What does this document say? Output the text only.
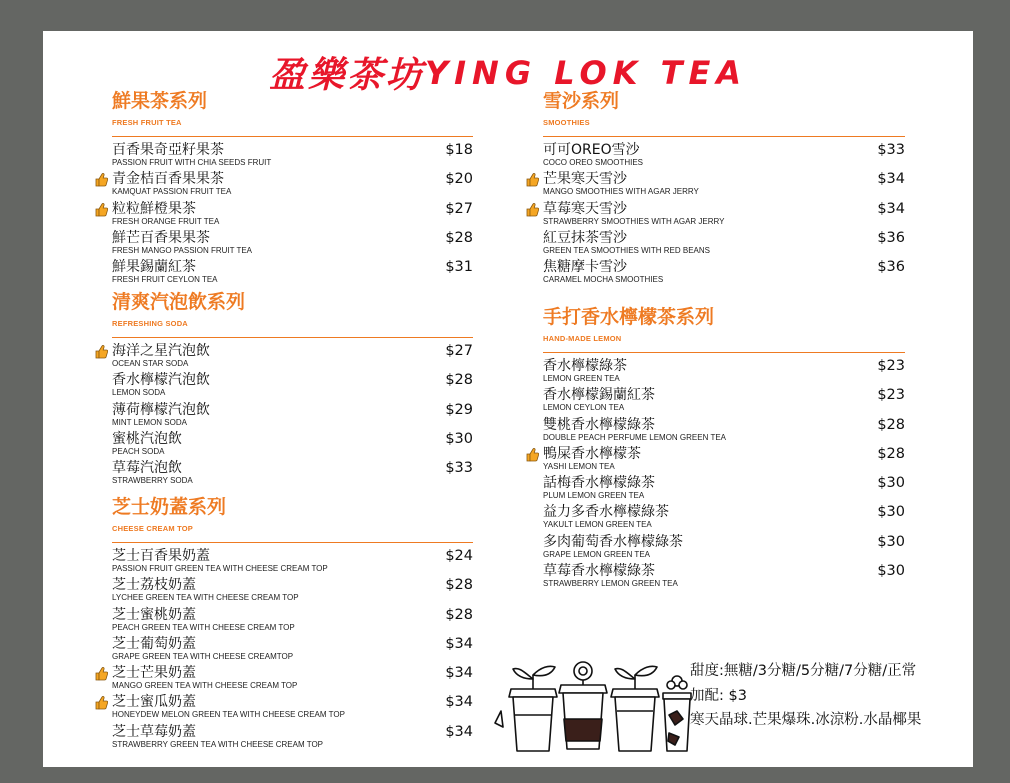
盈樂茶坊YING LOK TEA
鮮果茶系列
FRESH FRUIT TEA
百香果奇亞籽果茶
PASSION FRUIT WITH CHIA SEEDS FRUIT
$18
青金桔百香果果茶
KAMQUAT PASSION FRUIT TEA
$20
粒粒鮮橙果茶
FRESH ORANGE FRUIT TEA
$27
鮮芒百香果果茶
FRESH MANGO PASSION FRUIT TEA
$28
鮮果錫蘭紅茶
FRESH FRUIT CEYLON TEA
$31
清爽汽泡飲系列
REFRESHING SODA
海洋之星汽泡飲
OCEAN STAR SODA
$27
香水檸檬汽泡飲
LEMON SODA
$28
薄荷檸檬汽泡飲
MINT LEMON SODA
$29
蜜桃汽泡飲
PEACH SODA
$30
草莓汽泡飲
STRAWBERRY SODA
$33
芝士奶蓋系列
CHEESE CREAM TOP
芝士百香果奶蓋
PASSION FRUIT GREEN TEA WITH CHEESE CREAM TOP
$24
芝士荔枝奶蓋
LYCHEE GREEN TEA WITH CHEESE CREAM TOP
$28
芝士蜜桃奶蓋
PEACH GREEN TEA WITH CHEESE CREAM TOP
$28
芝士葡萄奶蓋
GRAPE GREEN TEA WITH CHEESE CREAMTOP
$34
芝士芒果奶蓋
MANGO GREEN TEA WITH CHEESE CREAM TOP
$34
芝士蜜瓜奶蓋
HONEYDEW MELON GREEN TEA WITH CHEESE CREAM TOP
$34
芝士草莓奶蓋
STRAWBERRY GREEN TEA WITH CHEESE CREAM TOP
$34
雪沙系列
SMOOTHIES
可可OREO雪沙
COCO OREO SMOOTHIES
$33
芒果寒天雪沙
MANGO SMOOTHIES WITH AGAR JERRY
$34
草莓寒天雪沙
STRAWBERRY SMOOTHIES WITH AGAR JERRY
$34
紅豆抹茶雪沙
GREEN TEA SMOOTHIES WITH RED BEANS
$36
焦糖摩卡雪沙
CARAMEL MOCHA SMOOTHIES
$36
手打香水檸檬茶系列
HAND-MADE LEMON
香水檸檬綠茶
LEMON GREEN TEA
$23
香水檸檬錫蘭紅茶
LEMON CEYLON TEA
$23
雙桃香水檸檬綠茶
DOUBLE PEACH PERFUME LEMON GREEN TEA
$28
鴨屎香水檸檬茶
YASHI LEMON TEA
$28
話梅香水檸檬綠茶
PLUM LEMON GREEN TEA
$30
益力多香水檸檬綠茶
YAKULT LEMON GREEN TEA
$30
多肉葡萄香水檸檬綠茶
GRAPE LEMON GREEN TEA
$30
草莓香水檸檬綠茶
STRAWBERRY LEMON GREEN TEA
$30
甜度:無糖/3分糖/5分糖/7分糖/正常
加配: $3
寒天晶球.芒果爆珠.冰涼粉.水晶椰果
